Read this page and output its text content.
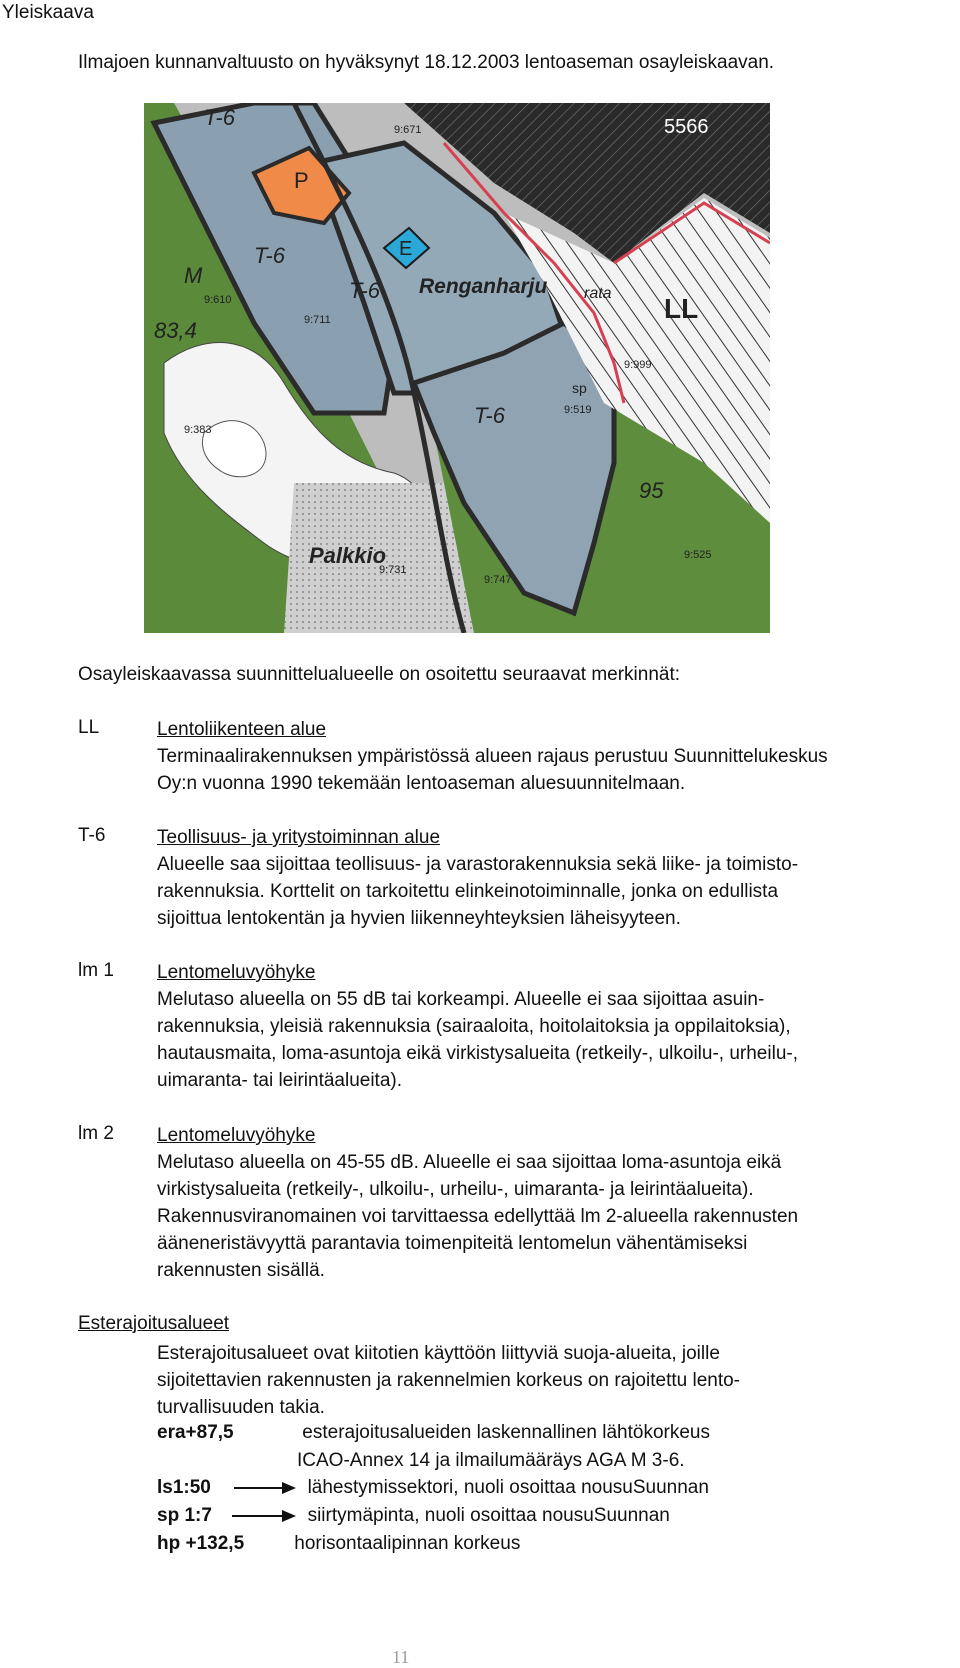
Yleiskaava
Ilmajoen kunnanvaltuusto on hyväksynyt 18.12.2003 lentoaseman osayleiskaavan.
T-6
P
E
T-6
T-6 Renganharju
M
83,4
LL
T-6
Palkkio
rata
95
sp
5566
9:671
9:610
9:711
9:383
9:519
9:999
9:747
9:731
9:525
Osayleiskaavassa suunnittelualueelle on osoitettu seuraavat merkinnät:
LL	Lentoliikenteen alue
Terminaalirakennuksen ympäristössä alueen rajaus perustuu Suunnittelukeskus
Oy:n vuonna 1990 tekemään lentoaseman aluesuunnitelmaan.
T-6	Teollisuus- ja yritystoiminnan alue
Alueelle saa sijoittaa teollisuus- ja varastorakennuksia sekä liike- ja toimisto-
rakennuksia. Korttelit on tarkoitettu elinkeinotoiminnalle, jonka on edullista
sijoittua lentokentän ja hyvien liikenneyhteyksien läheisyyteen.
lm 1 Lentomeluvyöhyke
Melutaso alueella on 55 dB tai korkeampi. Alueelle ei saa sijoittaa asuin-
rakennuksia, yleisiä rakennuksia (sairaaloita, hoitolaitoksia ja oppilaitoksia),
hautausmaita, loma-asuntoja eikä virkistysalueita (retkeily-, ulkoilu-, urheilu-,
uimaranta- tai leirintäalueita).
lm 2 Lentomeluvyöhyke
Melutaso alueella on 45-55 dB. Alueelle ei saa sijoittaa loma-asuntoja eikä
virkistysalueita (retkeily-, ulkoilu-, urheilu-, uimaranta- ja leirintäalueita).
Rakennusviranomainen voi tarvittaessa edellyttää lm 2-alueella rakennusten
ääneneristävyyttä parantavia toimenpiteitä lentomelun vähentämiseksi
rakennusten sisällä.
Esterajoitusalueet
Esterajoitusalueet ovat kiitotien käyttöön liittyviä suoja-alueita, joille
sijoitettavien rakennusten ja rakennelmien korkeus on rajoitettu lento-
turvallisuuden takia.
era+87,5	esterajoitusalueiden laskennallinen lähtökorkeus
ICAO-Annex 14 ja ilmailumääräys AGA M 3-6.
ls1:50	lähestymissektori, nuoli osoittaa nousuSuunnan
sp 1:7	siirtymäpinta, nuoli osoittaa nousuSuunnan
hp +132,5	horisontaalipinnan korkeus
11
